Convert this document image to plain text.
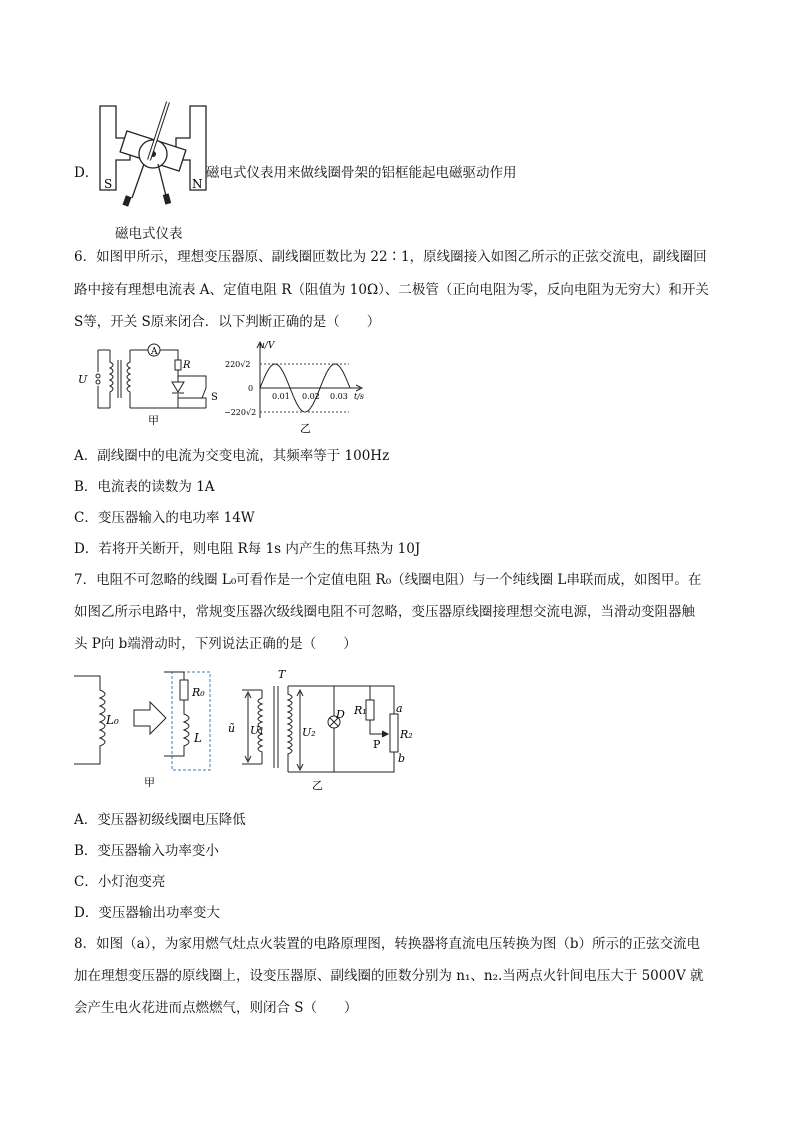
D．
S	N
磁电式仪表用来做线圈骨架的铝框能起电磁驱动作用
磁电式仪表
6．如图甲所示，理想变压器原、副线圈匝数比为 22∶1，原线圈接入如图乙所示的正弦交流电，副线圈回
路中接有理想电流表 A、定值电阻 R（阻值为 10Ω）、二极管（正向电阻为零，反向电阻为无穷大）和开关
S等，开关 S原来闭合．以下判断正确的是（　　）
A
R
S
U
甲
u/V
220√2
0
−220√2
0.01 0.02 0.03 t/s
乙
A．副线圈中的电流为交变电流，其频率等于 100Hz
B．电流表的读数为 1A
C．变压器输入的电功率 14W
D．若将开关断开，则电阻 R每 1s 内产生的焦耳热为 10J
7．电阻不可忽略的线圈 L₀可看作是一个定值电阻 R₀（线圈电阻）与一个纯线圈 L串联而成，如图甲。在
如图乙所示电路中，常规变压器次级线圈电阻不可忽略，变压器原线圈接理想交流电源，当滑动变阻器触
头 P向 b端滑动时，下列说法正确的是（　　）
L₀
R₀
L
甲
T
ũ U₁	U₂
D R₁	a
R₂
b
P
乙
A．变压器初级线圈电压降低
B．变压器输入功率变小
C．小灯泡变亮
D．变压器输出功率变大
8．如图（a），为家用燃气灶点火装置的电路原理图，转换器将直流电压转换为图（b）所示的正弦交流电
加在理想变压器的原线圈上，设变压器原、副线圈的匝数分别为 n₁、n₂.当两点火针间电压大于 5000V 就
会产生电火花进而点燃燃气，则闭合 S（　　）
